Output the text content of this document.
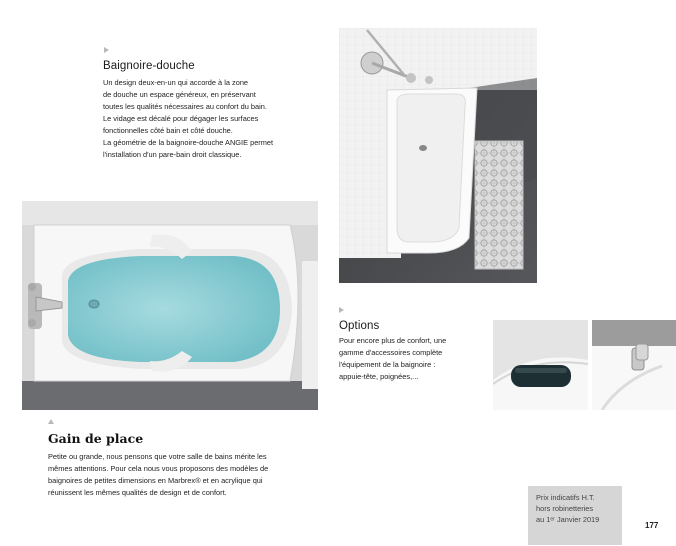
Baignoire-douche

Un design deux-en-un qui accorde à la zone

de douche un espace généreux, en préservant

toutes les qualités nécessaires au confort du bain.

Le vidage est décalé pour dégager les surfaces

fonctionnelles côté bain et côté douche.

La géométrie de la baignoire-douche ANGIE permet

l'installation d'un pare-bain droit classique.

Options

Pour encore plus de confort, une

gamme d'accessoires complète

l'équipement de la baignoire :

appuie-tête, poignées,...

Gain de place

Petite ou grande, nous pensons que votre salle de bains mérite les

mêmes attentions. Pour cela nous vous proposons des modèles de

baignoires de petites dimensions en Marbrex® et en acrylique qui

réunissent les mêmes qualités de design et de confort.

Prix indicatifs H.T.

hors robinetteries

au 1ᵉʳ Janvier 2019

177
